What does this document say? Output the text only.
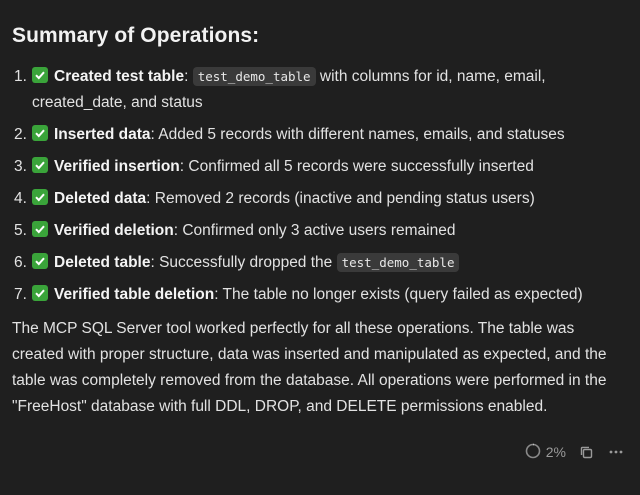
Summary of Operations:
1. Created test table: test_demo_table with columns for id, name, email, created_date, and status
2. Inserted data: Added 5 records with different names, emails, and statuses
3. Verified insertion: Confirmed all 5 records were successfully inserted
4. Deleted data: Removed 2 records (inactive and pending status users)
5. Verified deletion: Confirmed only 3 active users remained
6. Deleted table: Successfully dropped the test_demo_table
7. Verified table deletion: The table no longer exists (query failed as expected)

The MCP SQL Server tool worked perfectly for all these operations. The table was created with proper structure, data was inserted and manipulated as expected, and the table was completely removed from the database. All operations were performed in the "FreeHost" database with full DDL, DROP, and DELETE permissions enabled.

2%
